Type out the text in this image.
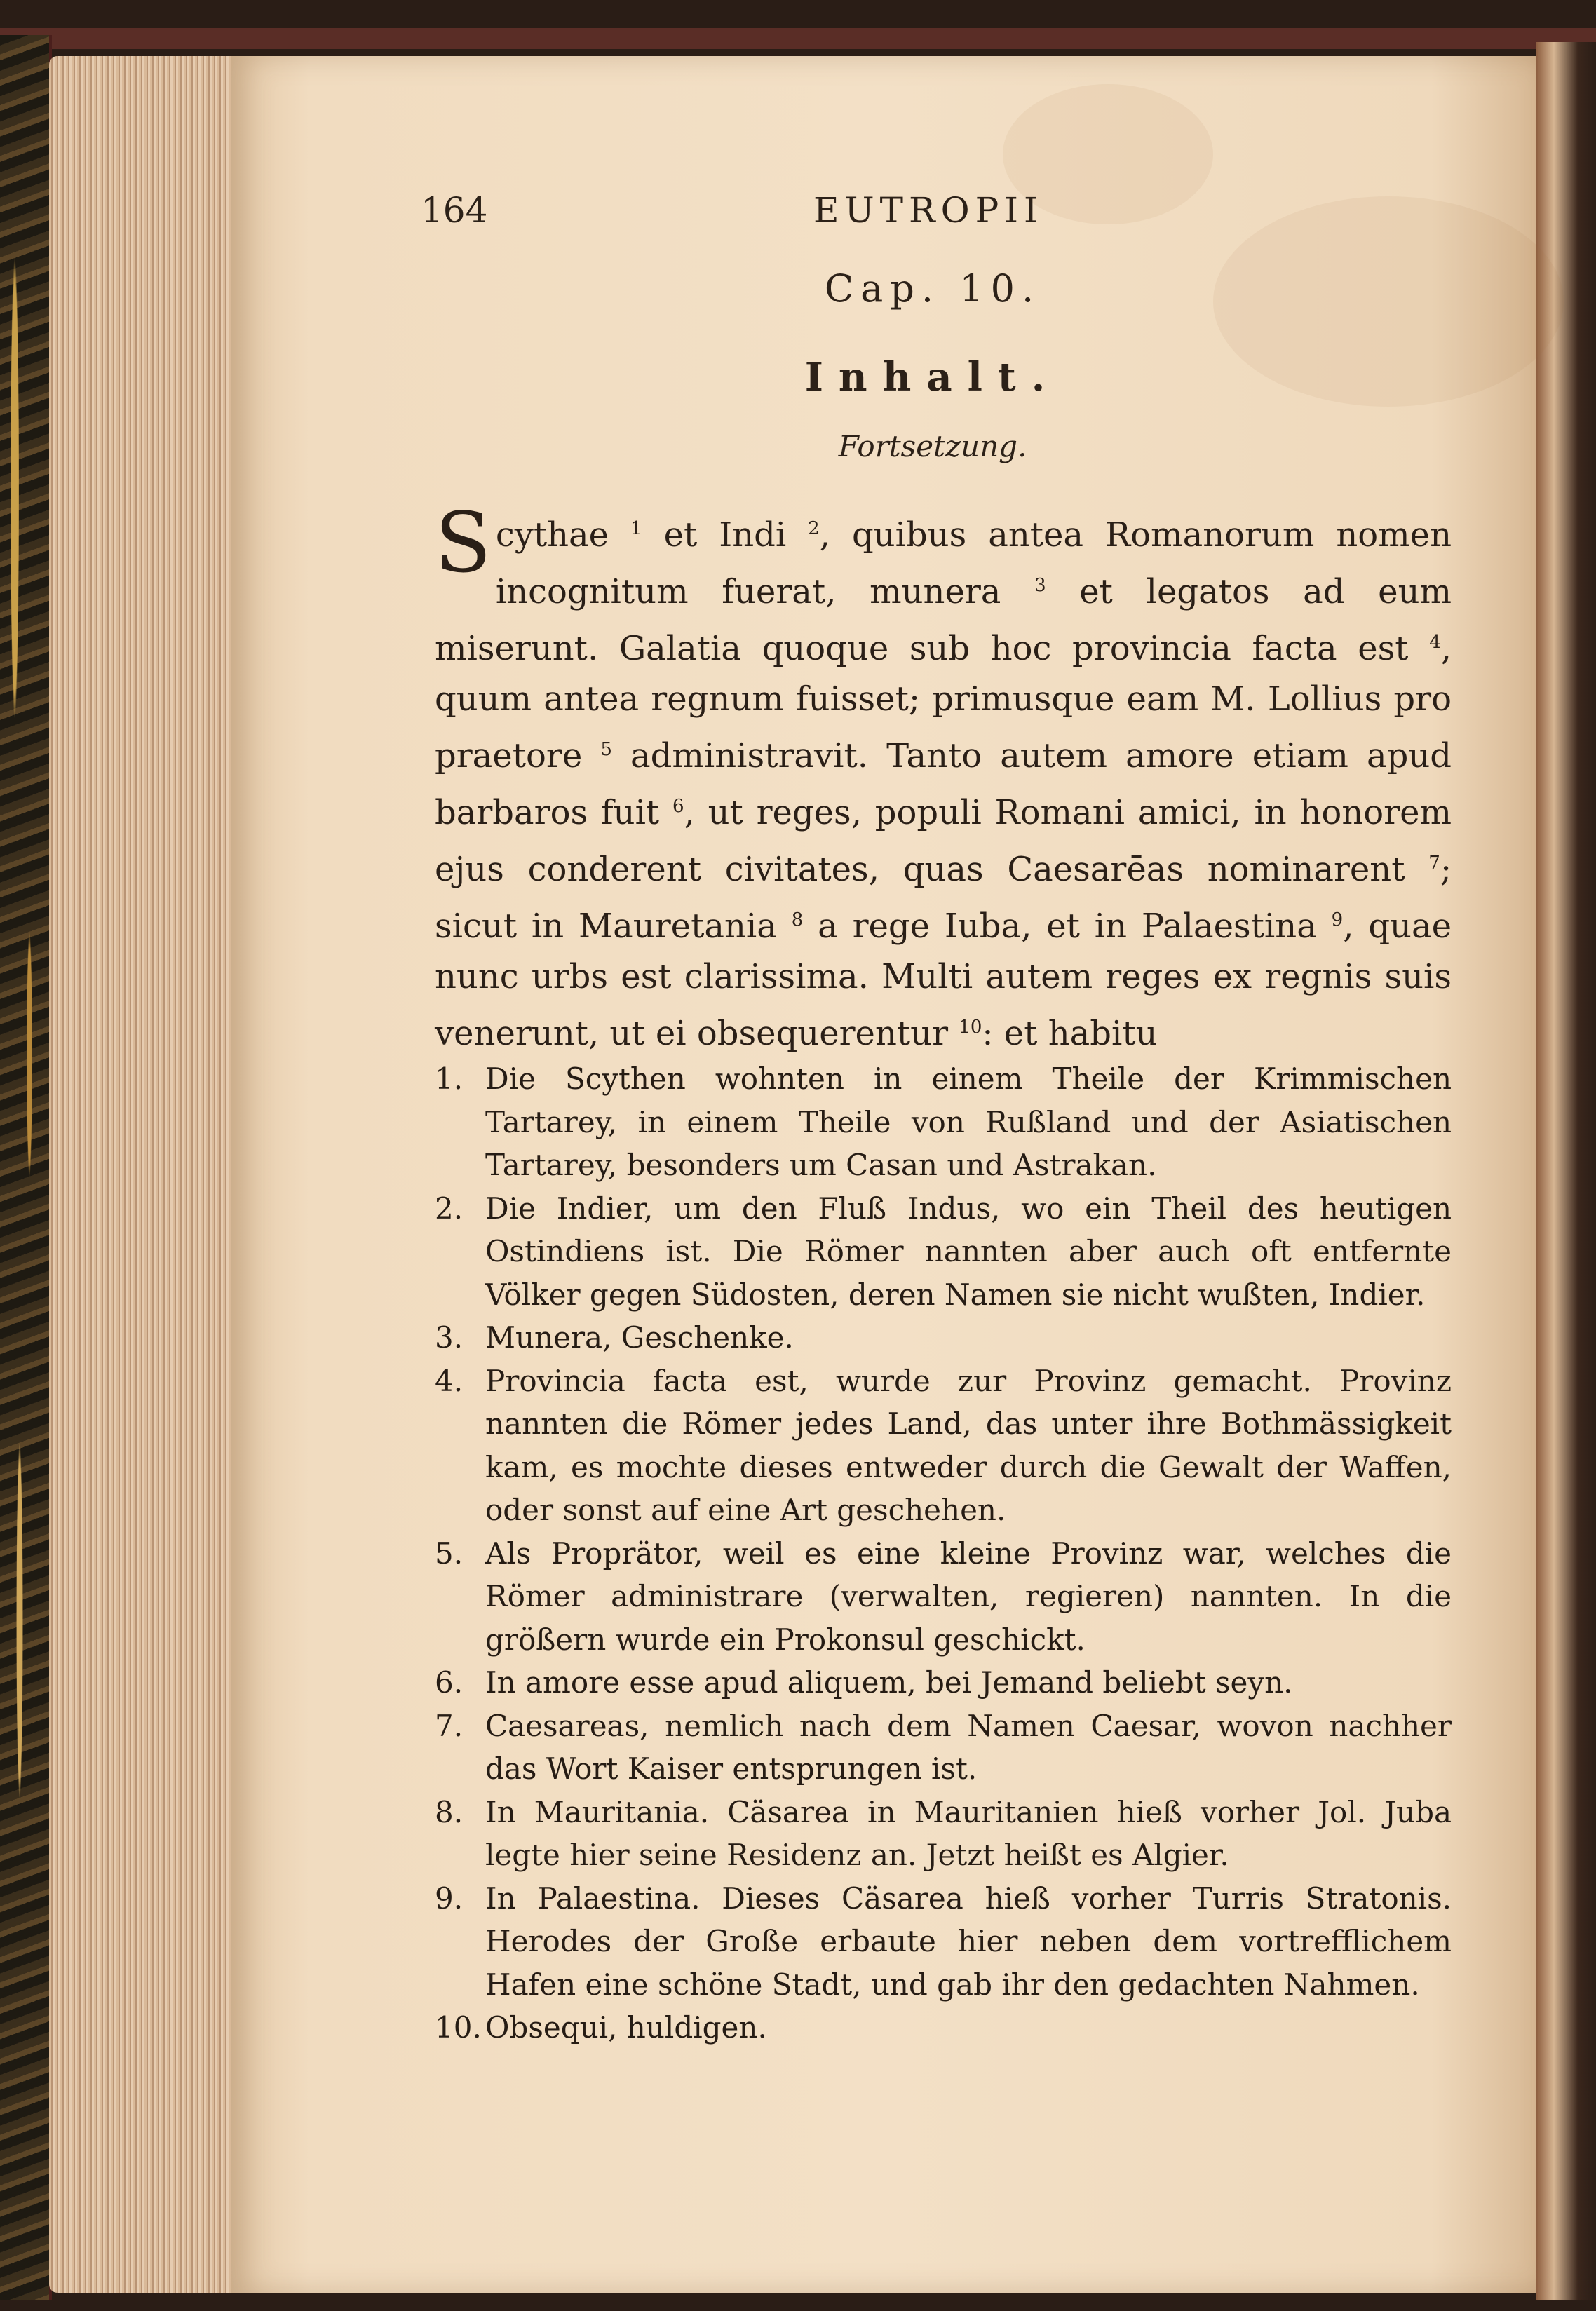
164	EUTROPII
Cap. 10.
Inhalt.
Fortsetzung.
S cythae $^1$ et Indi $^2$, quibus antea Romanorum nomen incognitum fuerat, munera $^3$ et legatos ad eum miserunt. Galatia quoque sub hoc provincia facta est $^4$, quum antea regnum fuisset; primusque eam M. Lollius pro praetore $^5$ administravit. Tanto autem amore etiam apud barbaros fuit $^6$, ut reges, populi Romani amici, in honorem ejus conderent civitates, quas Caesarēas nominarent $^7$; sicut in Mauretania $^8$ a rege Iuba, et in Palaestina $^9$, quae nunc urbs est clarissima. Multi autem reges ex regnis suis venerunt, ut ei obsequerentur $^{10}$: et habitu
1. Die Scythen wohnten in einem Theile der Krimmischen Tartarey, in einem Theile von Rußland und der Asiatischen Tartarey, besonders um Casan und Astrakan.
2. Die Indier, um den Fluß Indus, wo ein Theil des heutigen Ostindiens ist. Die Römer nannten aber auch oft entfernte Völker gegen Südosten, deren Namen sie nicht wußten, Indier.
3. Munera, Geschenke.
4. Provincia facta est, wurde zur Provinz gemacht. Provinz nannten die Römer jedes Land, das unter ihre Bothmässigkeit kam, es mochte dieses entweder durch die Gewalt der Waffen, oder sonst auf eine Art geschehen.
5. Als Proprätor, weil es eine kleine Provinz war, welches die Römer administrare (verwalten, regieren) nannten. In die größern wurde ein Prokonsul geschickt.
6. In amore esse apud aliquem, bei Jemand beliebt seyn.
7. Caesareas, nemlich nach dem Namen Caesar, wovon nachher das Wort Kaiser entsprungen ist.
8. In Mauritania. Cäsarea in Mauritanien hieß vorher Jol. Juba legte hier seine Residenz an. Jetzt heißt es Algier.
9. In Palaestina. Dieses Cäsarea hieß vorher Turris Stratonis. Herodes der Große erbaute hier neben dem vortrefflichem Hafen eine schöne Stadt, und gab ihr den gedachten Nahmen.
10. Obsequi, huldigen.
